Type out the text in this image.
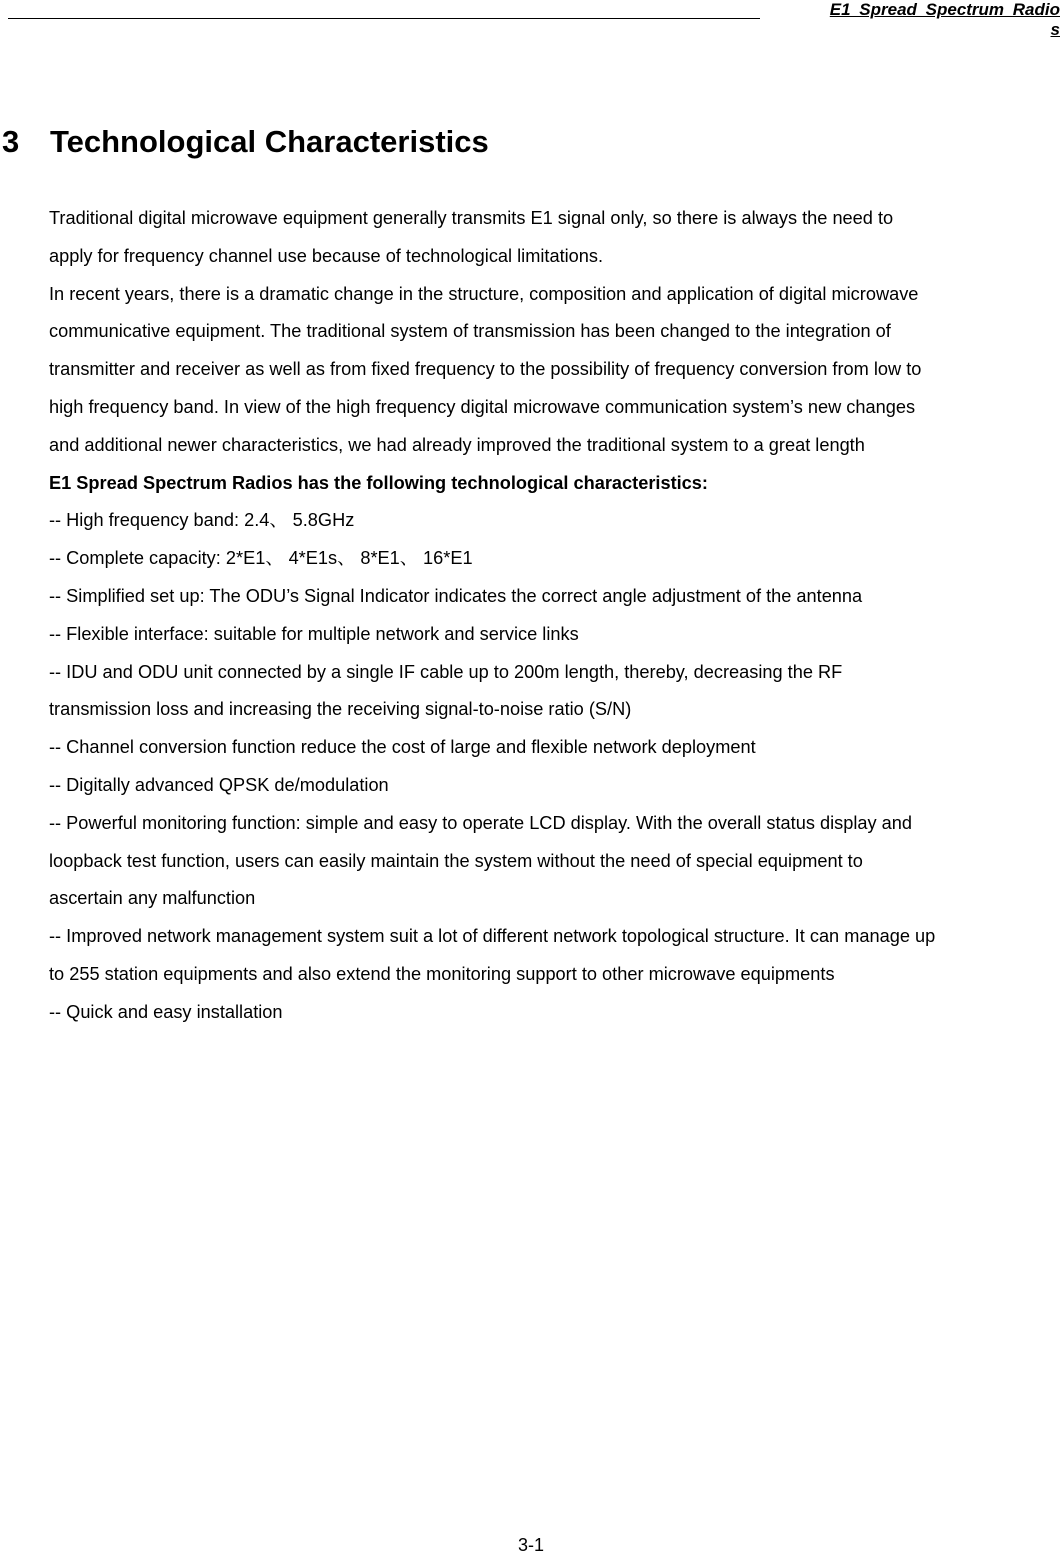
E1 Spread Spectrum Radio
s
3 Technological Characteristics

Traditional digital microwave equipment generally transmits E1 signal only, so there is always the need to

apply for frequency channel use because of technological limitations.

In recent years, there is a dramatic change in the structure, composition and application of digital microwave

communicative equipment. The traditional system of transmission has been changed to the integration of

transmitter and receiver as well as from fixed frequency to the possibility of frequency conversion from low to

high frequency band. In view of the high frequency digital microwave communication system’s new changes

and additional newer characteristics, we had already improved the traditional system to a great length

E1 Spread Spectrum Radios has the following technological characteristics:

-- High frequency band: 2.4、 5.8GHz

-- Complete capacity: 2*E1、 4*E1s、 8*E1、 16*E1

-- Simplified set up: The ODU’s Signal Indicator indicates the correct angle adjustment of the antenna

-- Flexible interface: suitable for multiple network and service links

-- IDU and ODU unit connected by a single IF cable up to 200m length, thereby, decreasing the RF

transmission loss and increasing the receiving signal-to-noise ratio (S/N)

-- Channel conversion function reduce the cost of large and flexible network deployment

-- Digitally advanced QPSK de/modulation

-- Powerful monitoring function: simple and easy to operate LCD display. With the overall status display and

loopback test function, users can easily maintain the system without the need of special equipment to

ascertain any malfunction

-- Improved network management system suit a lot of different network topological structure. It can manage up

to 255 station equipments and also extend the monitoring support to other microwave equipments

-- Quick and easy installation

3-1
